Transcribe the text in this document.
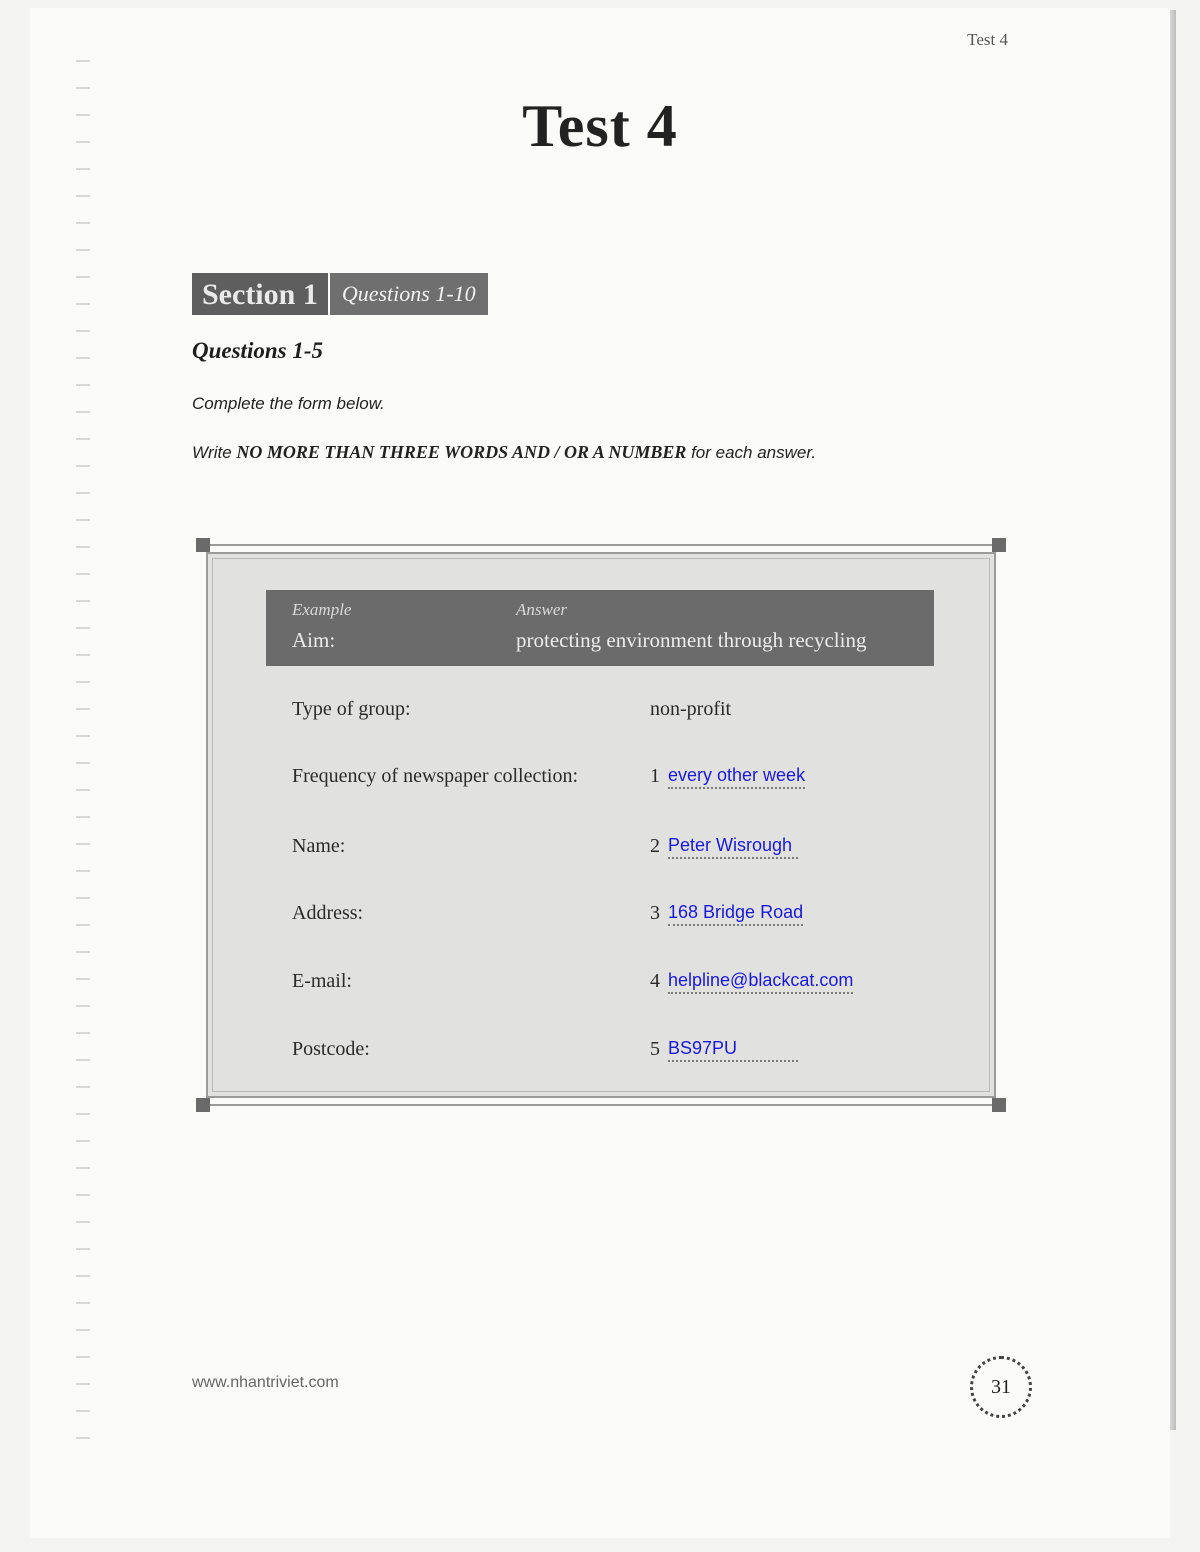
Test 4
Test 4
Section 1	Questions 1-10
Questions 1-5
Complete the form below.
Write NO MORE THAN THREE WORDS AND / OR A NUMBER for each answer.
Example	Answer
Aim:	protecting environment through recycling
Type of group:	non-profit
Frequency of newspaper collection:	1 every other week
Name:	2 Peter Wisrough
Address:	3 168 Bridge Road
E-mail:	4 helpline@blackcat.com
Postcode:	5 BS97PU
www.nhantriviet.com	31
